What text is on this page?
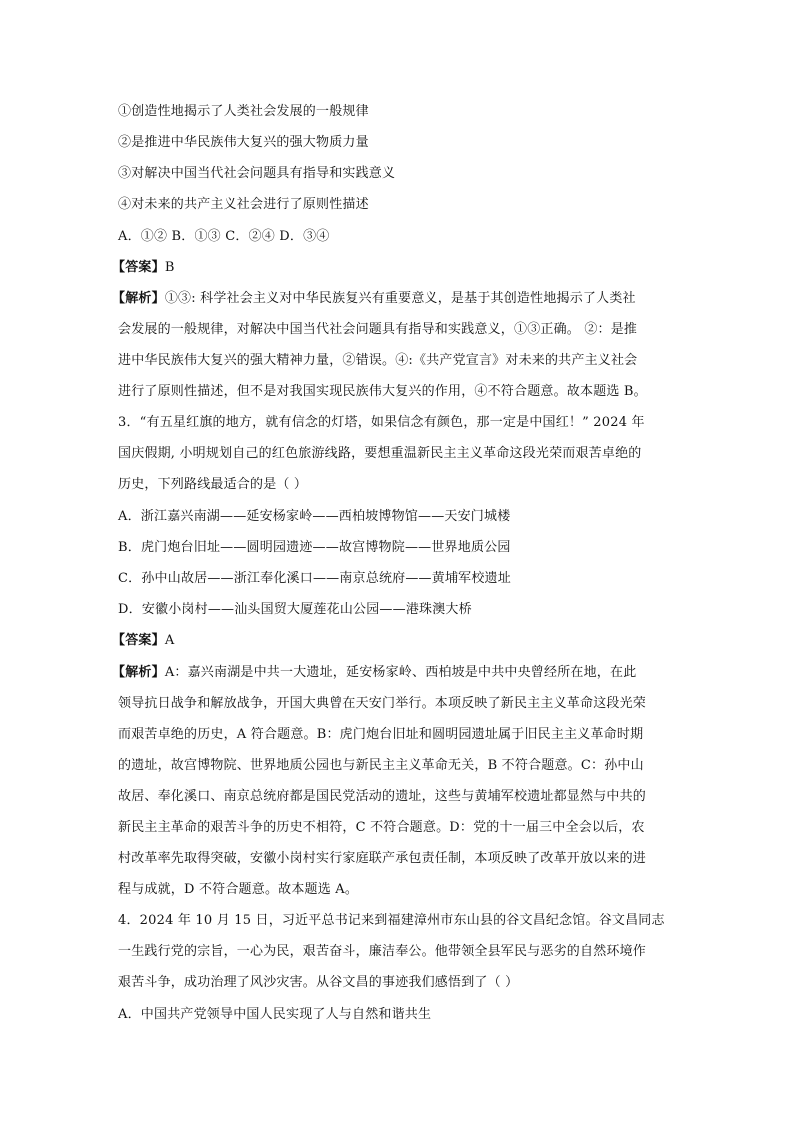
①创造性地揭示了人类社会发展的一般规律
②是推进中华民族伟大复兴的强大物质力量
③对解决中国当代社会问题具有指导和实践意义
④对未来的共产主义社会进行了原则性描述
A．①② B．①③ C．②④ D．③④
【答案】B
【解析】①③: 科学社会主义对中华民族复兴有重要意义，是基于其创造性地揭示了人类社
会发展的一般规律，对解决中国当代社会问题具有指导和实践意义，①③正确。 ②：是推
进中华民族伟大复兴的强大精神力量，②错误。④:《共产党宣言》对未来的共产主义社会
进行了原则性描述，但不是对我国实现民族伟大复兴的作用，④不符合题意。故本题选 B。
3．“有五星红旗的地方，就有信念的灯塔，如果信念有颜色，那一定是中国红！” 2024 年
国庆假期, 小明规划自己的红色旅游线路，要想重温新民主主义革命这段光荣而艰苦卓绝的
历史，下列路线最适合的是（ ）
A．浙江嘉兴南湖——延安杨家岭——西柏坡博物馆——天安门城楼
B．虎门炮台旧址——圆明园遗迹——故宫博物院——世界地质公园
C．孙中山故居——浙江奉化溪口——南京总统府——黄埔军校遗址
D．安徽小岗村——汕头国贸大厦莲花山公园——港珠澳大桥
【答案】A
【解析】A：嘉兴南湖是中共一大遗址，延安杨家岭、西柏坡是中共中央曾经所在地，在此
领导抗日战争和解放战争，开国大典曾在天安门举行。本项反映了新民主主义革命这段光荣
而艰苦卓绝的历史，A 符合题意。B：虎门炮台旧址和圆明园遗址属于旧民主主义革命时期
的遗址，故宫博物院、世界地质公园也与新民主主义革命无关，B 不符合题意。C：孙中山
故居、奉化溪口、南京总统府都是国民党活动的遗址，这些与黄埔军校遗址都显然与中共的
新民主主革命的艰苦斗争的历史不相符，C 不符合题意。D：党的十一届三中全会以后，农
村改革率先取得突破，安徽小岗村实行家庭联产承包责任制，本项反映了改革开放以来的进
程与成就，D 不符合题意。故本题选 A。
4．2024 年 10 月 15 日，习近平总书记来到福建漳州市东山县的谷文昌纪念馆。谷文昌同志
一生践行党的宗旨，一心为民，艰苦奋斗，廉洁奉公。他带领全县军民与恶劣的自然环境作
艰苦斗争，成功治理了风沙灾害。从谷文昌的事迹我们感悟到了（ ）
A．中国共产党领导中国人民实现了人与自然和谐共生
